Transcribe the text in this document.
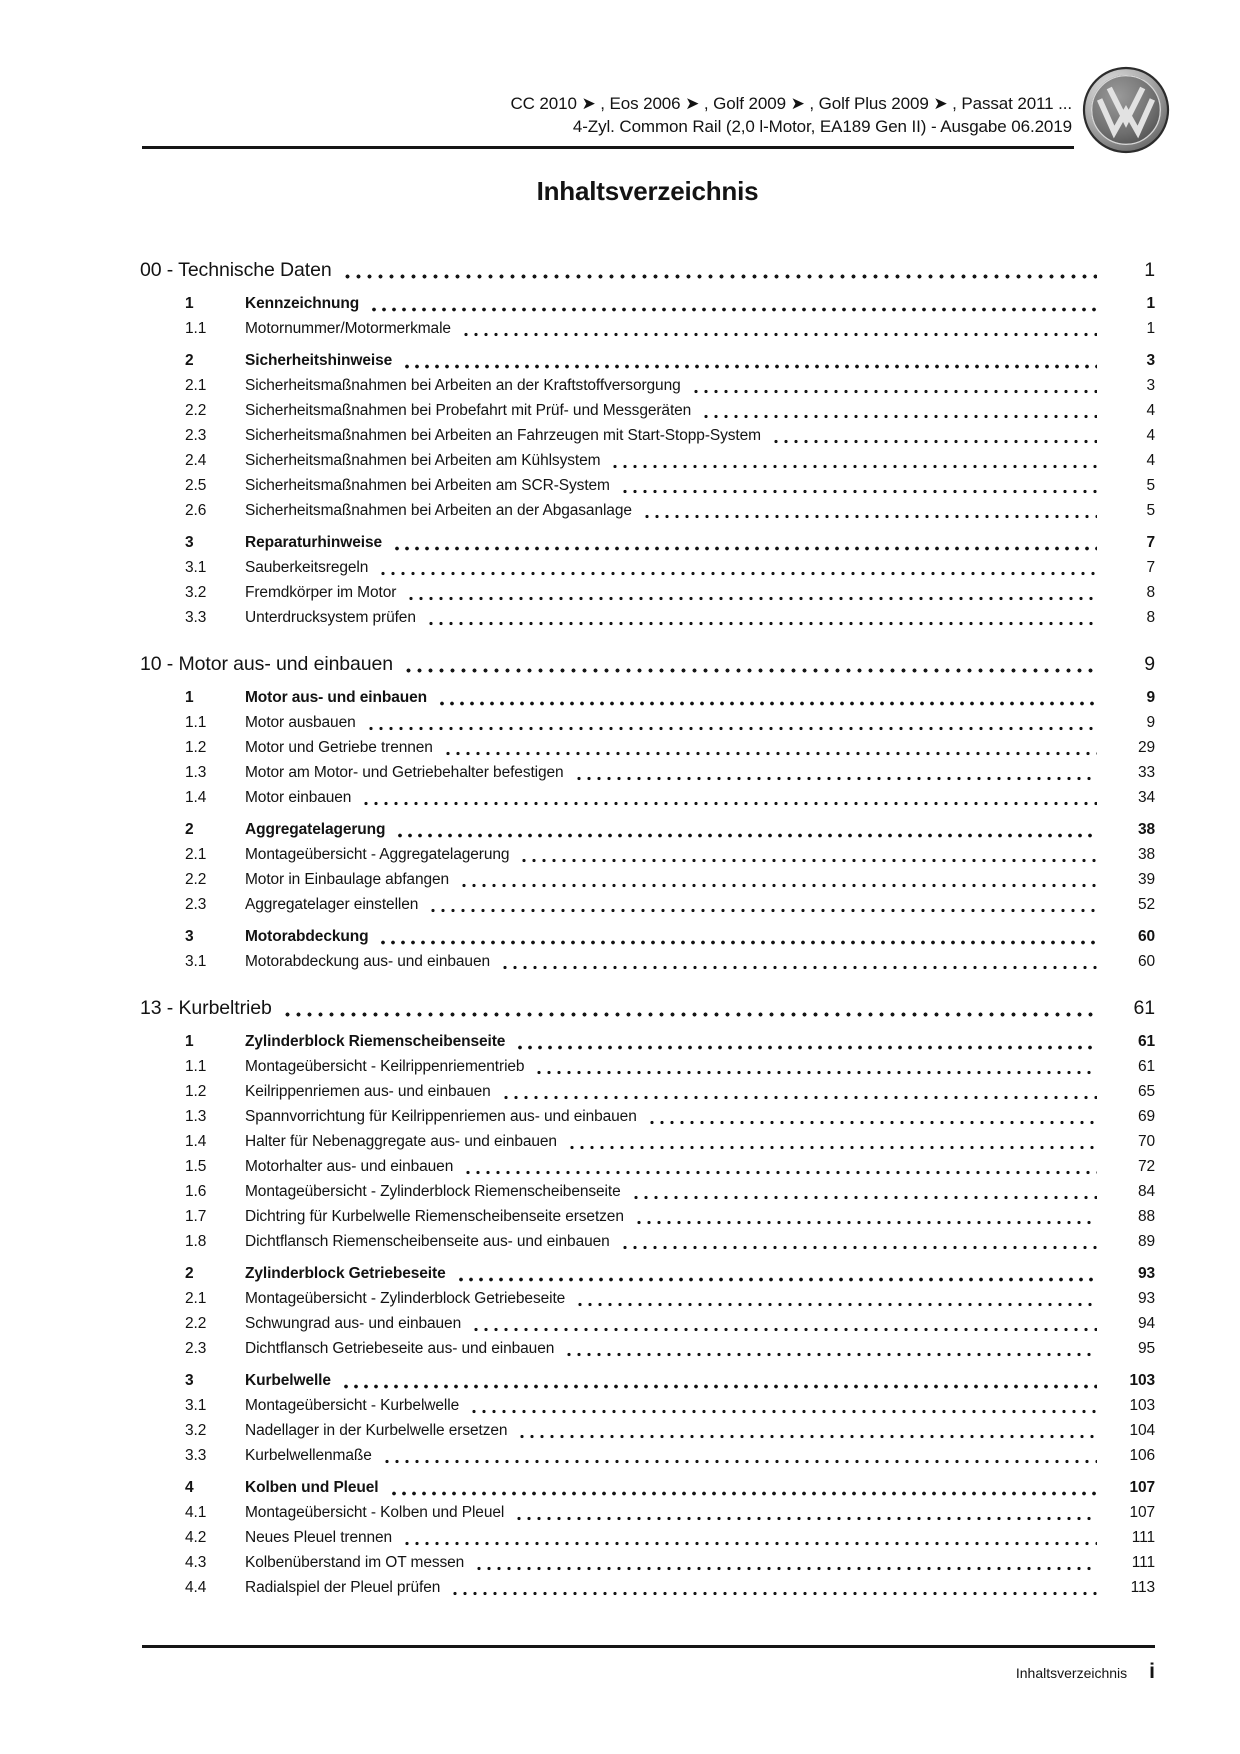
CC 2010 ➤ , Eos 2006 ➤ , Golf 2009 ➤ , Golf Plus 2009 ➤ , Passat 2011 ...
4-Zyl. Common Rail (2,0 l-Motor, EA189 Gen II) - Ausgabe 06.2019
Inhaltsverzeichnis
00 - Technische Daten	1
1	Kennzeichnung	1
1.1	Motornummer/Motormerkmale	1
2	Sicherheitshinweise	3
2.1	Sicherheitsmaßnahmen bei Arbeiten an der Kraftstoffversorgung	3
2.2	Sicherheitsmaßnahmen bei Probefahrt mit Prüf- und Messgeräten	4
2.3	Sicherheitsmaßnahmen bei Arbeiten an Fahrzeugen mit Start-Stopp-System	4
2.4	Sicherheitsmaßnahmen bei Arbeiten am Kühlsystem	4
2.5	Sicherheitsmaßnahmen bei Arbeiten am SCR-System	5
2.6	Sicherheitsmaßnahmen bei Arbeiten an der Abgasanlage	5
3	Reparaturhinweise	7
3.1	Sauberkeitsregeln	7
3.2	Fremdkörper im Motor	8
3.3	Unterdrucksystem prüfen	8
10 - Motor aus- und einbauen	9
1	Motor aus- und einbauen	9
1.1	Motor ausbauen	9
1.2	Motor und Getriebe trennen	29
1.3	Motor am Motor- und Getriebehalter befestigen	33
1.4	Motor einbauen	34
2	Aggregatelagerung	38
2.1	Montageübersicht - Aggregatelagerung	38
2.2	Motor in Einbaulage abfangen	39
2.3	Aggregatelager einstellen	52
3	Motorabdeckung	60
3.1	Motorabdeckung aus- und einbauen	60
13 - Kurbeltrieb	61
1	Zylinderblock Riemenscheibenseite	61
1.1	Montageübersicht - Keilrippenriementrieb	61
1.2	Keilrippenriemen aus- und einbauen	65
1.3	Spannvorrichtung für Keilrippenriemen aus- und einbauen	69
1.4	Halter für Nebenaggregate aus- und einbauen	70
1.5	Motorhalter aus- und einbauen	72
1.6	Montageübersicht - Zylinderblock Riemenscheibenseite	84
1.7	Dichtring für Kurbelwelle Riemenscheibenseite ersetzen	88
1.8	Dichtflansch Riemenscheibenseite aus- und einbauen	89
2	Zylinderblock Getriebeseite	93
2.1	Montageübersicht - Zylinderblock Getriebeseite	93
2.2	Schwungrad aus- und einbauen	94
2.3	Dichtflansch Getriebeseite aus- und einbauen	95
3	Kurbelwelle	103
3.1	Montageübersicht - Kurbelwelle	103
3.2	Nadellager in der Kurbelwelle ersetzen	104
3.3	Kurbelwellenmaße	106
4	Kolben und Pleuel	107
4.1	Montageübersicht - Kolben und Pleuel	107
4.2	Neues Pleuel trennen	111
4.3	Kolbenüberstand im OT messen	111
4.4	Radialspiel der Pleuel prüfen	113
Inhaltsverzeichnis i
